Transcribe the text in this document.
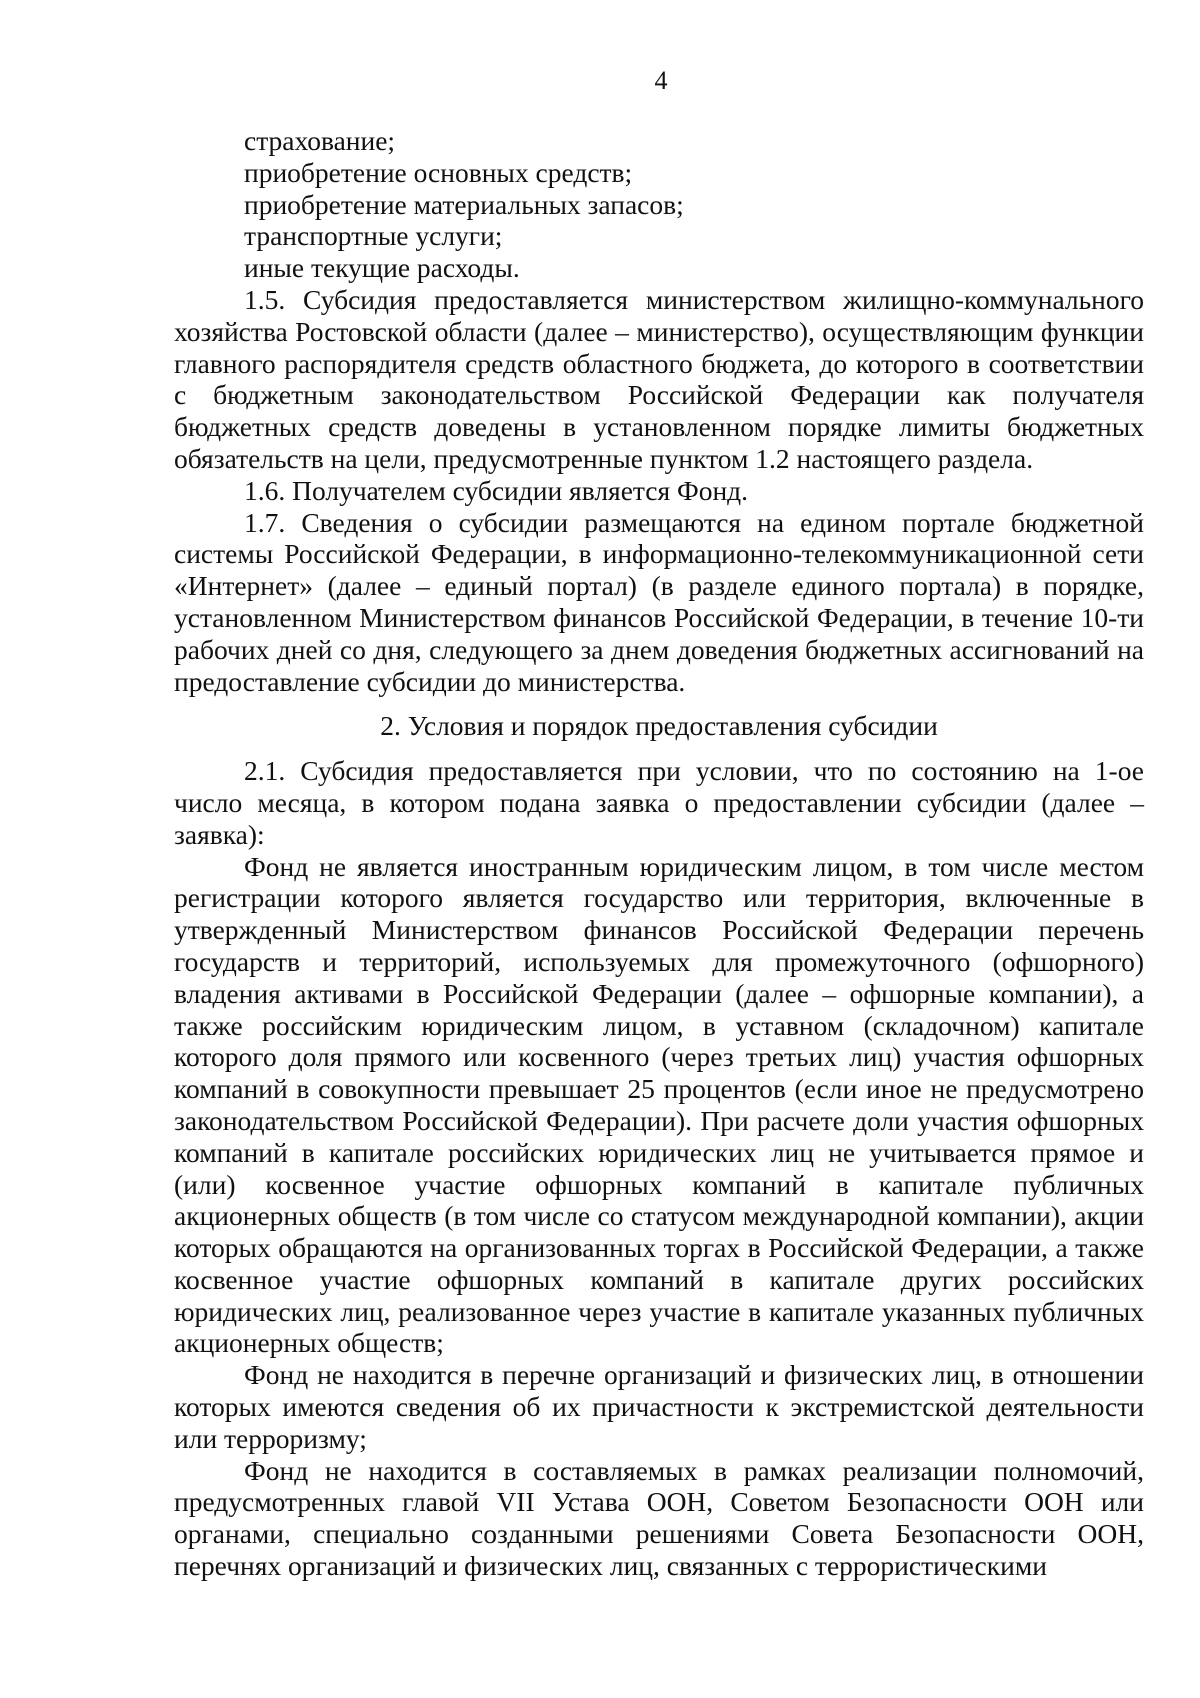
4
страхование;
приобретение основных средств;
приобретение материальных запасов;
транспортные услуги;
иные текущие расходы.

1.5. Субсидия предоставляется министерством жилищно-коммунального хозяйства Ростовской области (далее – министерство), осуществляющим функции главного распорядителя средств областного бюджета, до которого в соответствии с бюджетным законодательством Российской Федерации как получателя бюджетных средств доведены в установленном порядке лимиты бюджетных обязательств на цели, предусмотренные пунктом 1.2 настоящего раздела.

1.6. Получателем субсидии является Фонд.

1.7. Сведения о субсидии размещаются на едином портале бюджетной системы Российской Федерации, в информационно-телекоммуникационной сети «Интернет» (далее – единый портал) (в разделе единого портала) в порядке, установленном Министерством финансов Российской Федерации, в течение 10-ти рабочих дней со дня, следующего за днем доведения бюджетных ассигнований на предоставление субсидии до министерства.

2. Условия и порядок предоставления субсидии

2.1. Субсидия предоставляется при условии, что по состоянию на 1-ое число месяца, в котором подана заявка о предоставлении субсидии (далее – заявка):

Фонд не является иностранным юридическим лицом, в том числе местом регистрации которого является государство или территория, включенные в утвержденный Министерством финансов Российской Федерации перечень государств и территорий, используемых для промежуточного (офшорного) владения активами в Российской Федерации (далее – офшорные компании), а также российским юридическим лицом, в уставном (складочном) капитале которого доля прямого или косвенного (через третьих лиц) участия офшорных компаний в совокупности превышает 25 процентов (если иное не предусмотрено законодательством Российской Федерации). При расчете доли участия офшорных компаний в капитале российских юридических лиц не учитывается прямое и (или) косвенное участие офшорных компаний в капитале публичных акционерных обществ (в том числе со статусом международной компании), акции которых обращаются на организованных торгах в Российской Федерации, а также косвенное участие офшорных компаний в капитале других российских юридических лиц, реализованное через участие в капитале указанных публичных акционерных обществ;

Фонд не находится в перечне организаций и физических лиц, в отношении которых имеются сведения об их причастности к экстремистской деятельности или терроризму;

Фонд не находится в составляемых в рамках реализации полномочий, предусмотренных главой VII Устава ООН, Советом Безопасности ООН или органами, специально созданными решениями Совета Безопасности ООН, перечнях организаций и физических лиц, связанных с террористическими
